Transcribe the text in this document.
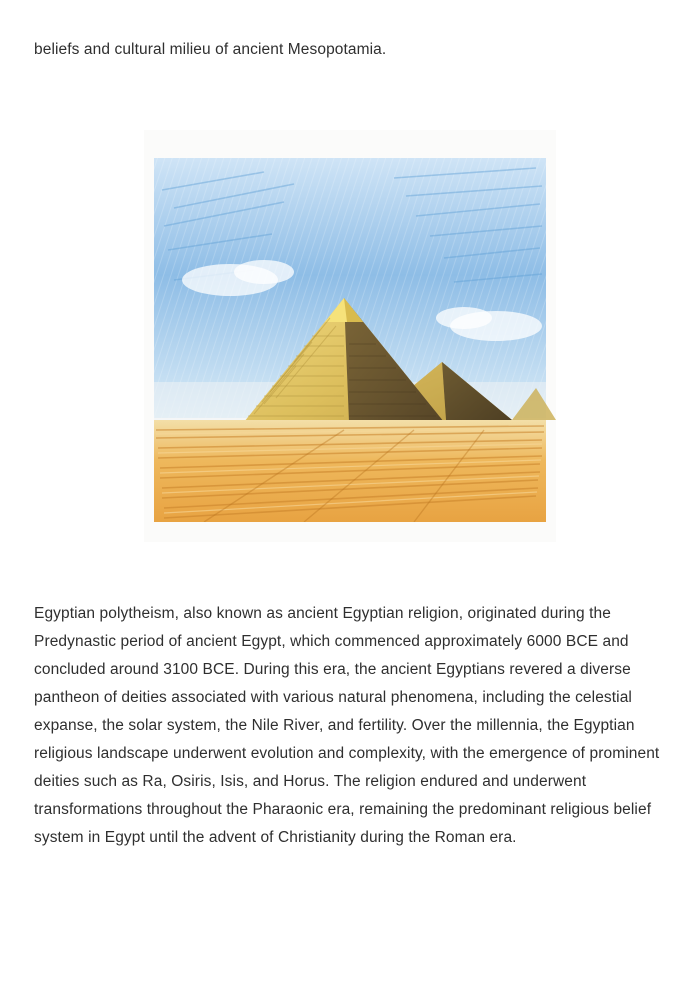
beliefs and cultural milieu of ancient Mesopotamia.

Egyptian polytheism, also known as ancient Egyptian religion, originated during the Predynastic period of ancient Egypt, which commenced approximately 6000 BCE and concluded around 3100 BCE. During this era, the ancient Egyptians revered a diverse pantheon of deities associated with various natural phenomena, including the celestial expanse, the solar system, the Nile River, and fertility. Over the millennia, the Egyptian religious landscape underwent evolution and complexity, with the emergence of prominent deities such as Ra, Osiris, Isis, and Horus. The religion endured and underwent transformations throughout the Pharaonic era, remaining the predominant religious belief system in Egypt until the advent of Christianity during the Roman era.
